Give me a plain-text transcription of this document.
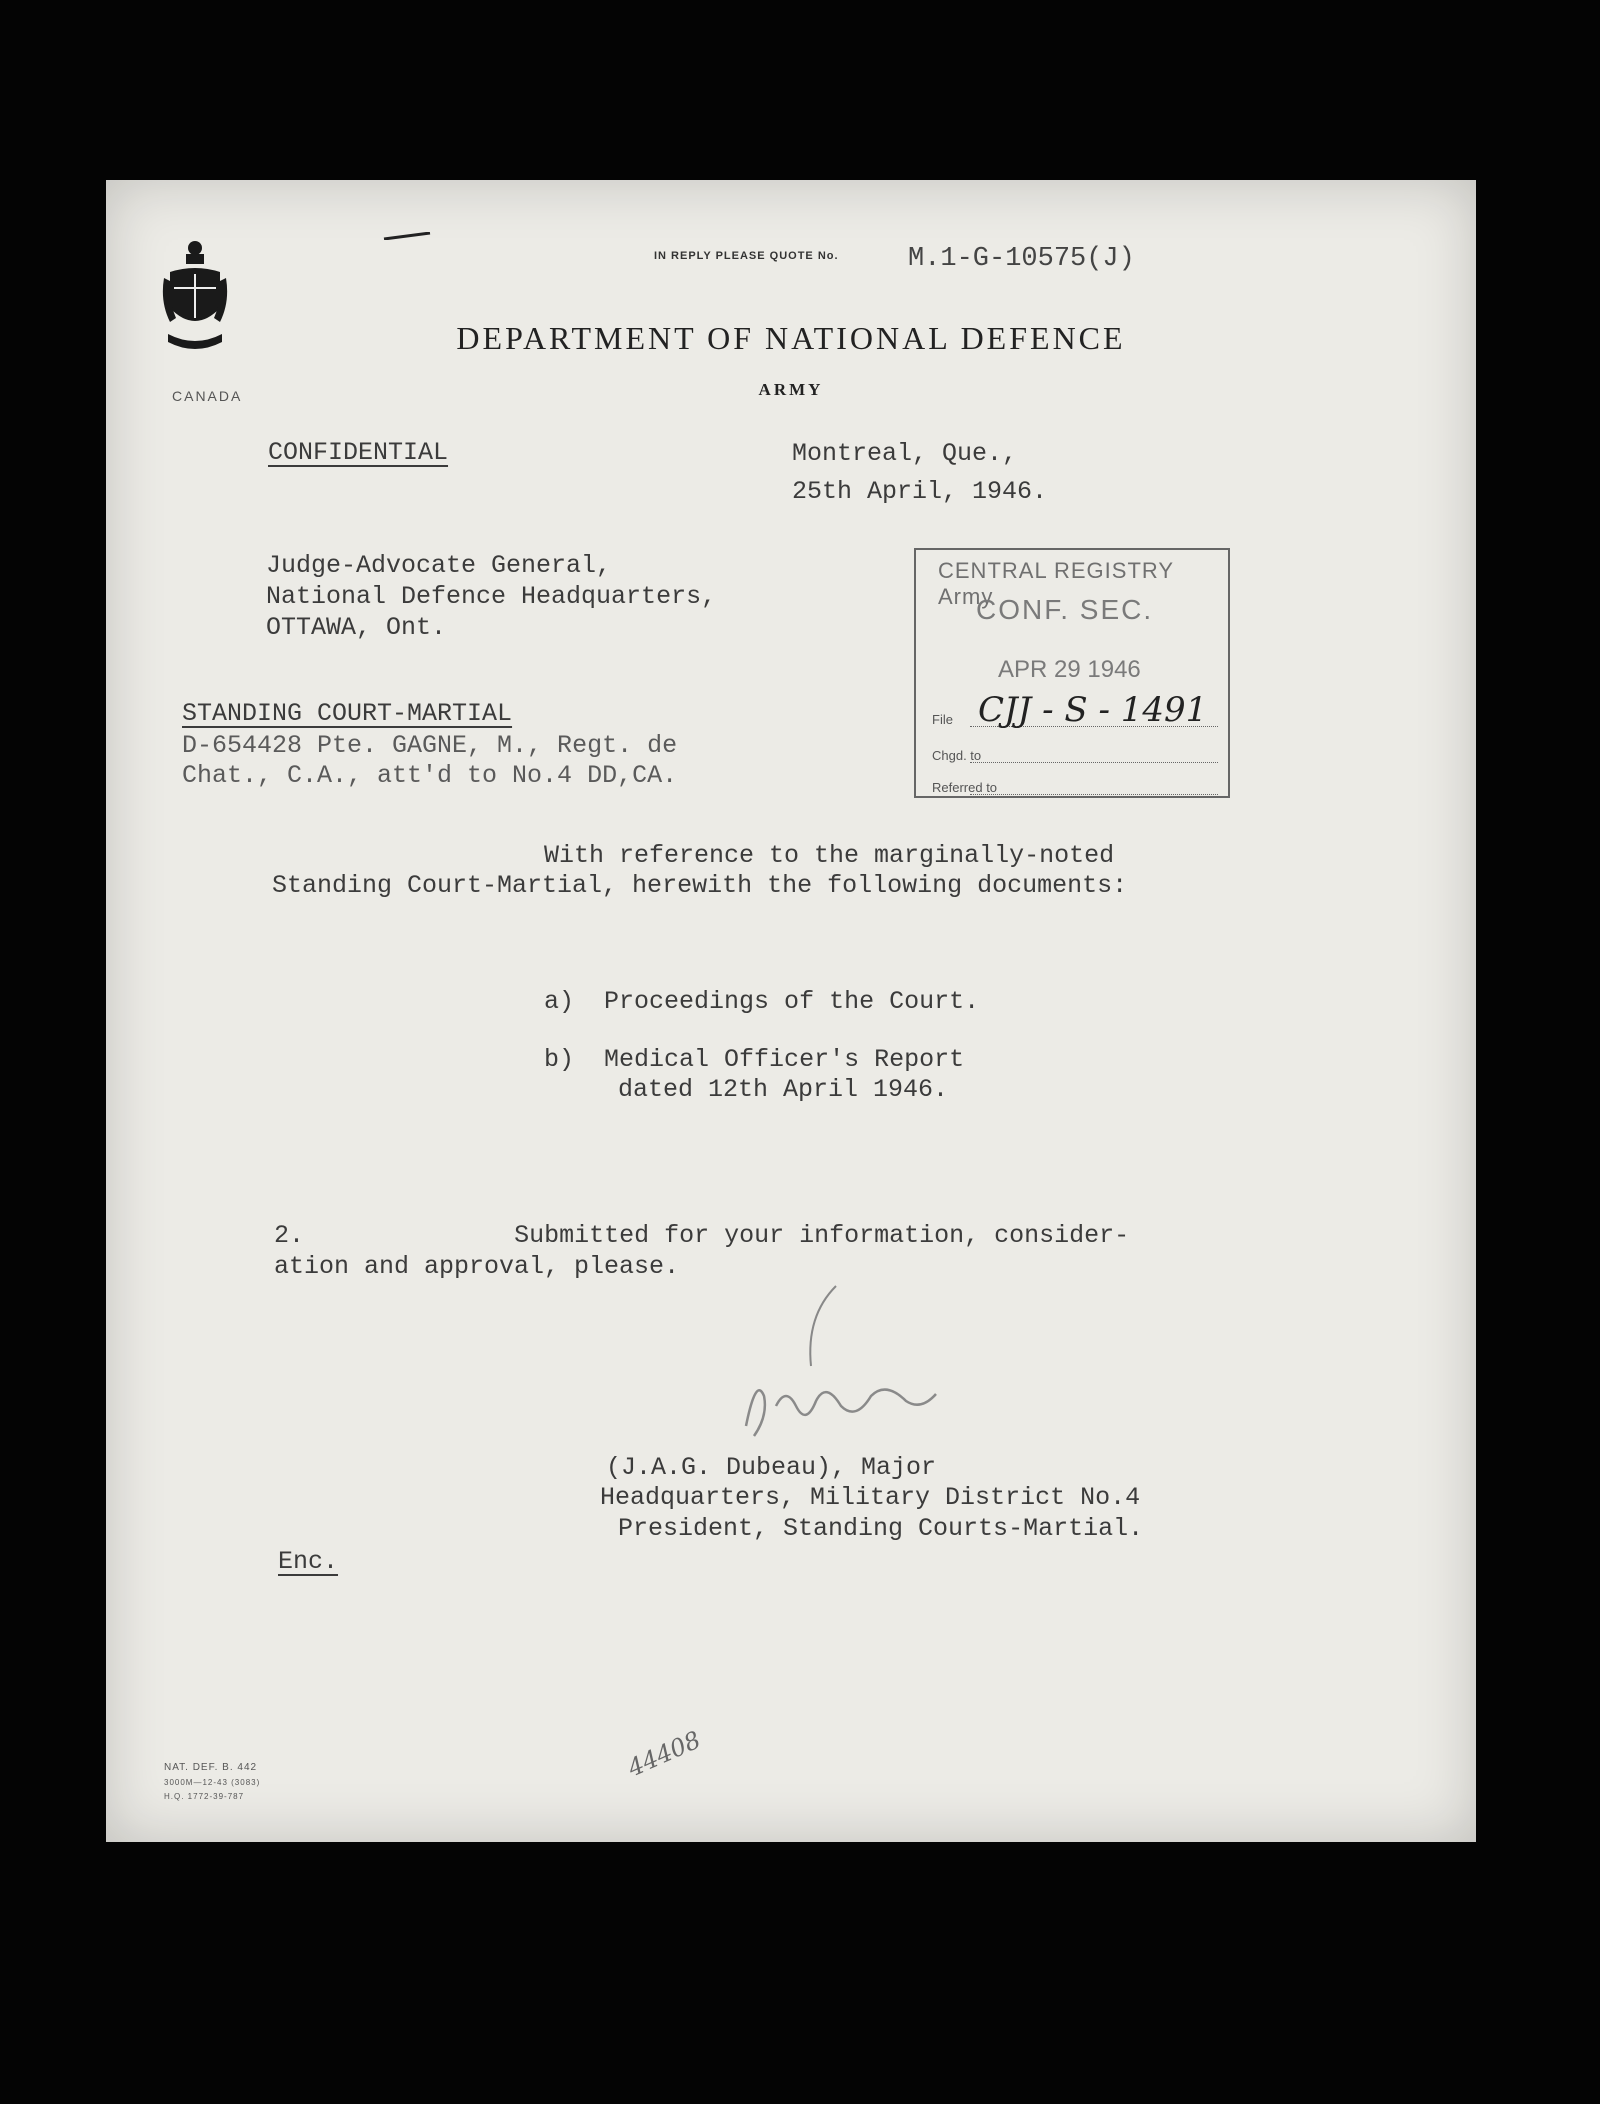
CANADA
IN REPLY PLEASE QUOTE No.	M.1-G-10575(J)
DEPARTMENT OF NATIONAL DEFENCE
ARMY
CONFIDENTIAL	Montreal, Que.,
25th April, 1946.
Judge-Advocate General,
National Defence Headquarters,
OTTAWA, Ont.
STANDING COURT-MARTIAL
D-654428 Pte. GAGNE, M., Regt. de
Chat., C.A., att'd to No.4 DD,CA.
CENTRAL REGISTRY Army
CONF. SEC.
APR 29 1946
File CJJ - S - 1491
Chgd. to
Referred to
With reference to the marginally-noted
Standing Court-Martial, herewith the following documents:
a) Proceedings of the Court.
b) Medical Officer's Report
dated 12th April 1946.
2.	Submitted for your information, consider-
ation and approval, please.
(J.A.G. Dubeau), Major
Headquarters, Military District No.4
President, Standing Courts-Martial.
Enc.
NAT. DEF. B. 442
3000M—12-43 (3083)
H.Q. 1772-39-787
44408
